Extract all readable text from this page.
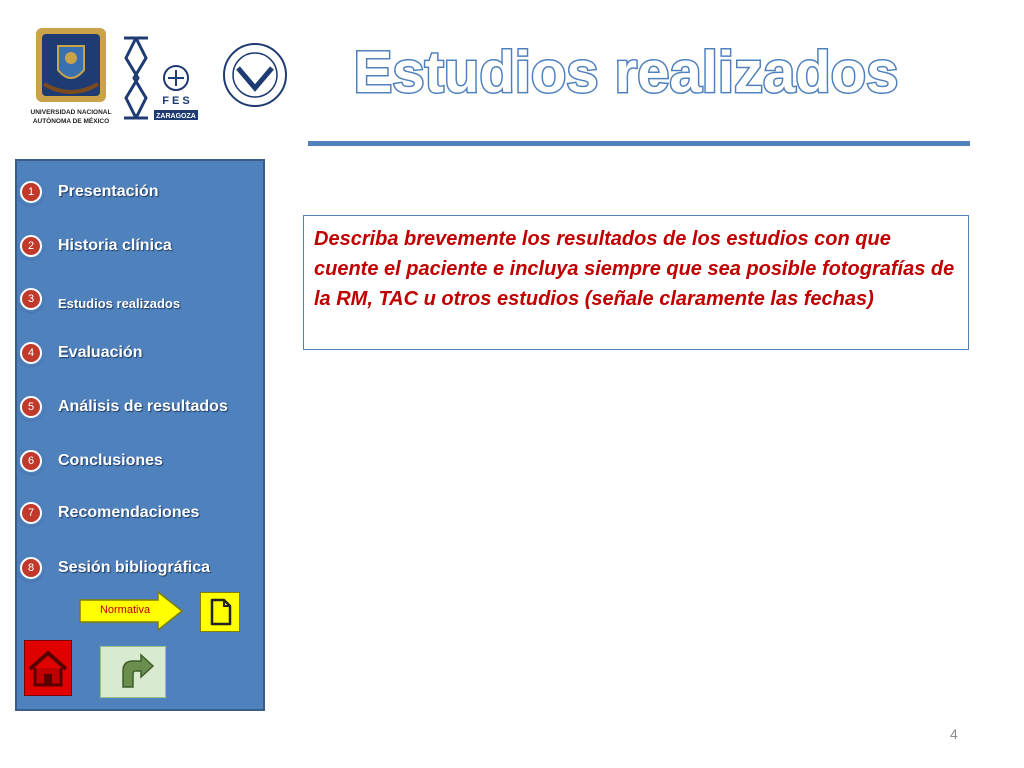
UNIVERSIDAD NACIONAL
AUTÓNOMA DE MÉXICO
F E S
ZARAGOZA
Estudios realizados
1	Presentación
2	Historia clínica
3	Estudios realizados
4	Evaluación
5	Análisis de resultados
6	Conclusiones
7	Recomendaciones
8	Sesión bibliográfica
Normativa

Describa brevemente los resultados de los estudios con que cuente el paciente e incluya siempre que sea posible fotografías de la RM, TAC u otros estudios (señale claramente las fechas)

4
